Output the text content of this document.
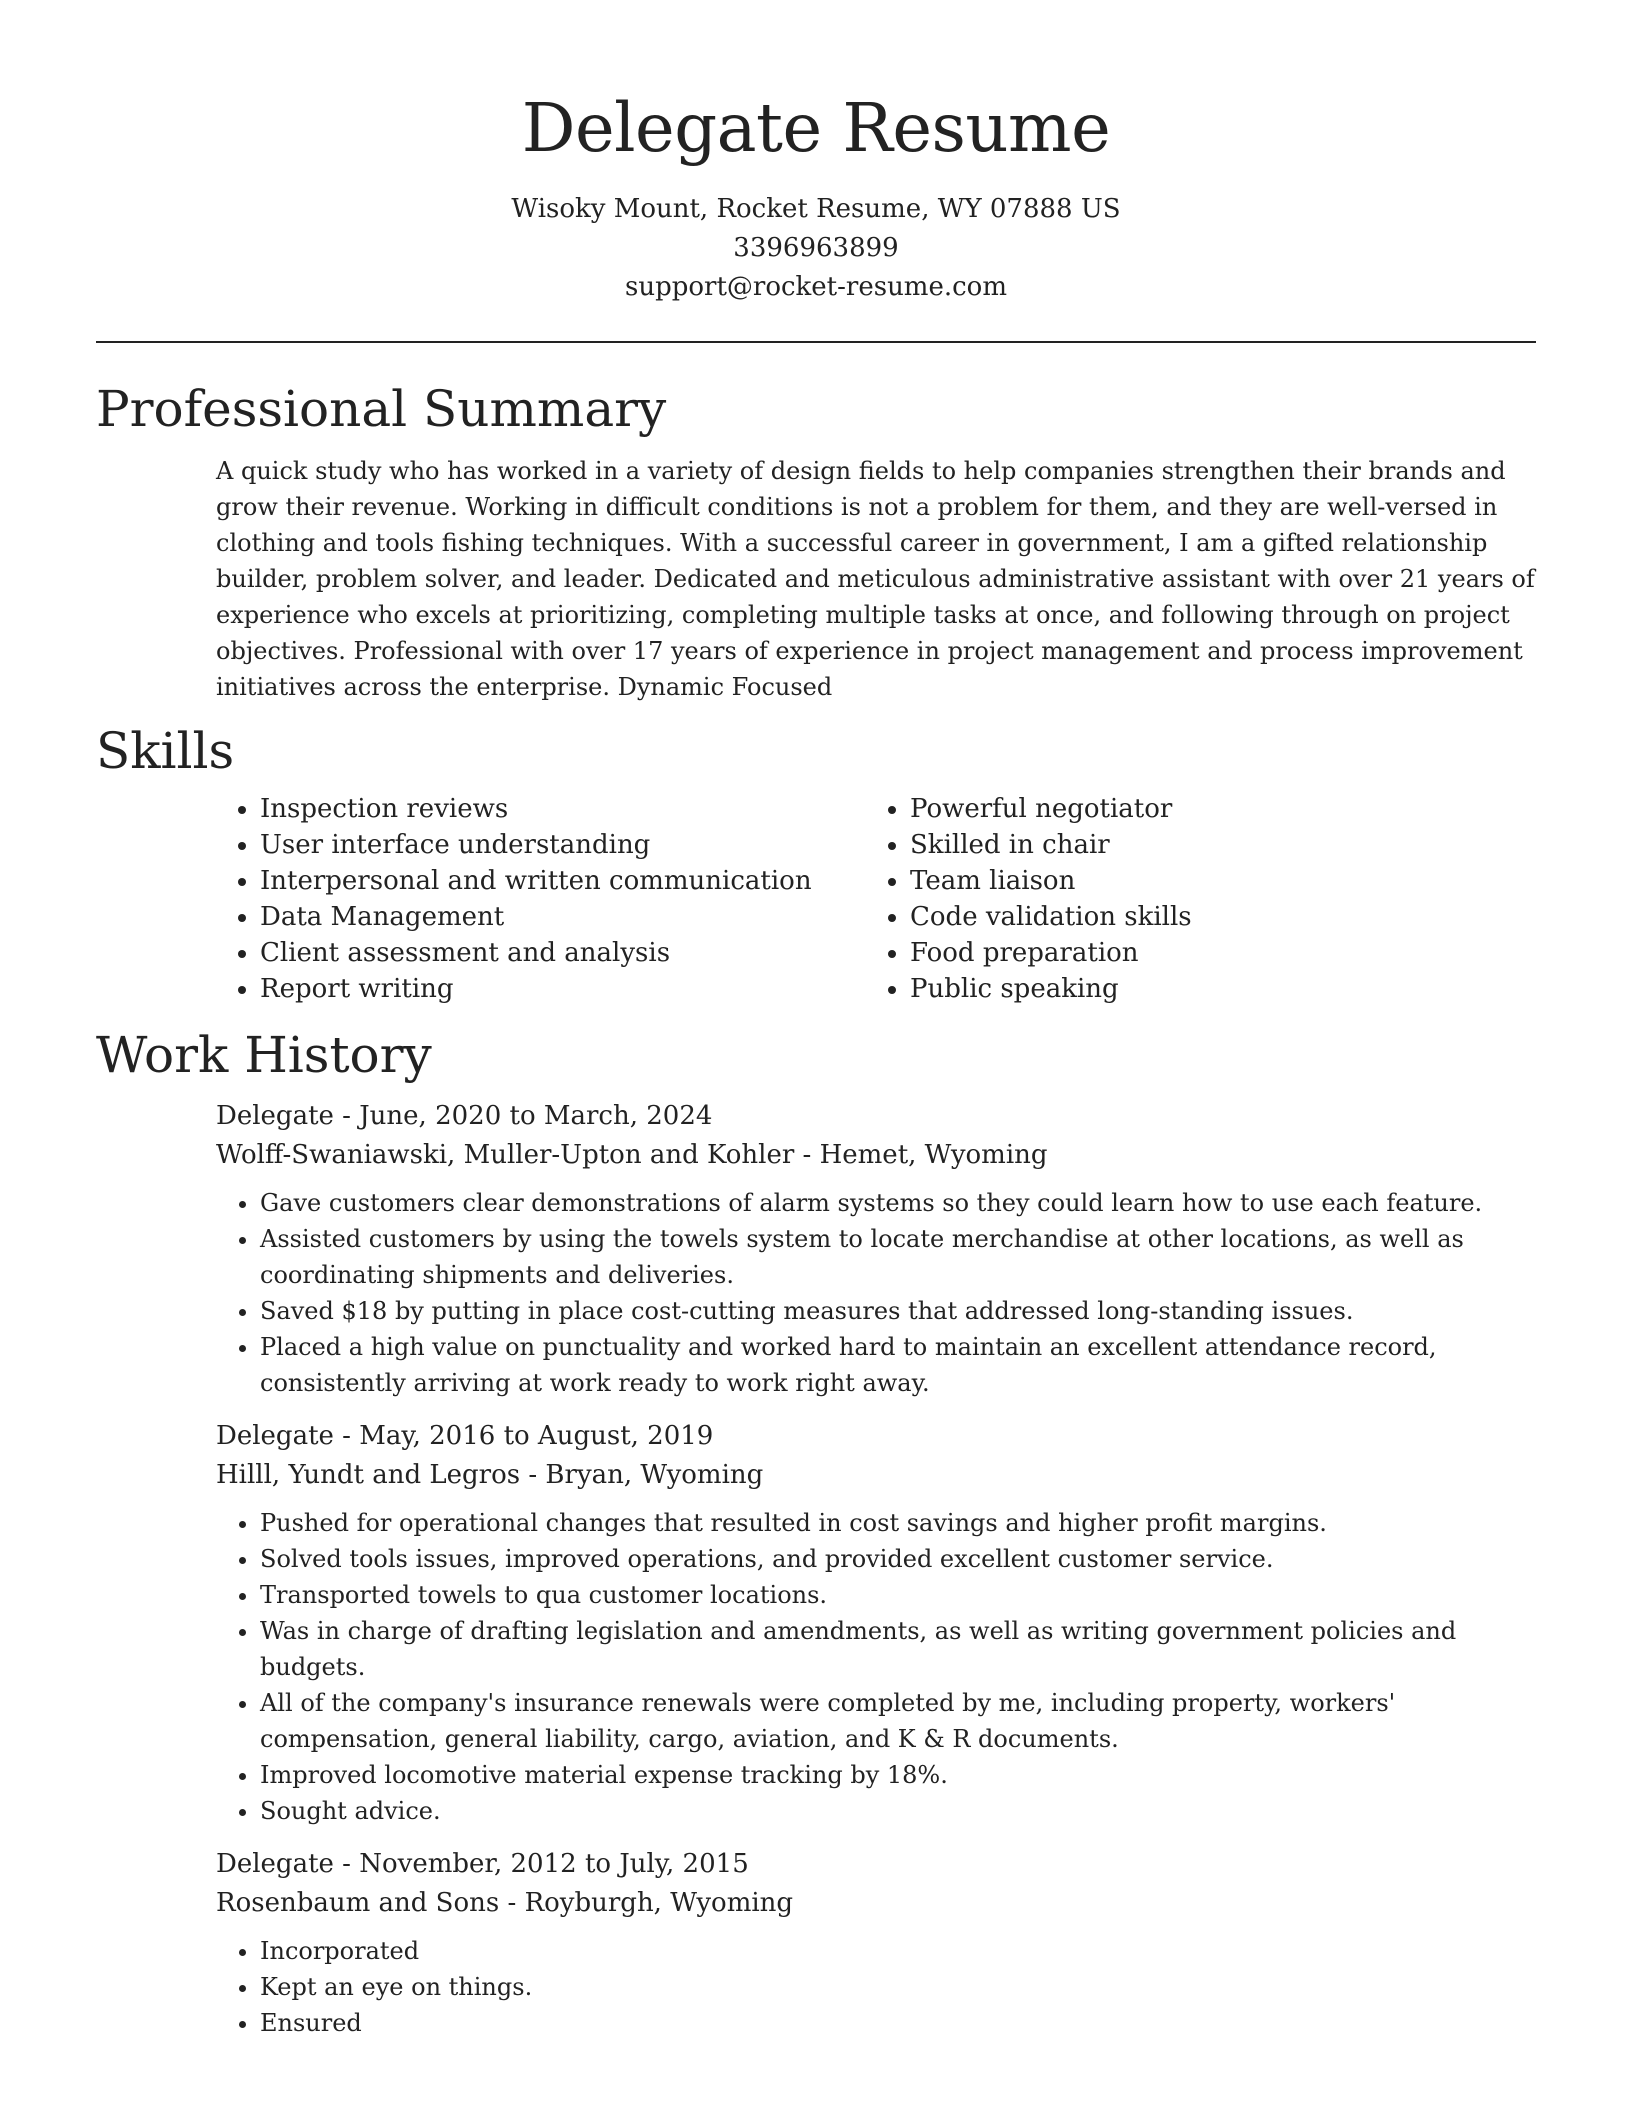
Delegate Resume
Wisoky Mount, Rocket Resume, WY 07888 US
3396963899
support@rocket-resume.com
Professional Summary
A quick study who has worked in a variety of design fields to help companies strengthen their brands and grow their revenue. Working in difficult conditions is not a problem for them, and they are well-versed in clothing and tools fishing techniques. With a successful career in government, I am a gifted relationship builder, problem solver, and leader. Dedicated and meticulous administrative assistant with over 21 years of experience who excels at prioritizing, completing multiple tasks at once, and following through on project objectives. Professional with over 17 years of experience in project management and process improvement initiatives across the enterprise. Dynamic Focused
Skills
• Inspection reviews
• User interface understanding
• Interpersonal and written communication
• Data Management
• Client assessment and analysis
• Report writing
• Powerful negotiator
• Skilled in chair
• Team liaison
• Code validation skills
• Food preparation
• Public speaking
Work History
Delegate - June, 2020 to March, 2024
Wolff-Swaniawski, Muller-Upton and Kohler - Hemet, Wyoming
• Gave customers clear demonstrations of alarm systems so they could learn how to use each feature.
• Assisted customers by using the towels system to locate merchandise at other locations, as well as coordinating shipments and deliveries.
• Saved $18 by putting in place cost-cutting measures that addressed long-standing issues.
• Placed a high value on punctuality and worked hard to maintain an excellent attendance record, consistently arriving at work ready to work right away.
Delegate - May, 2016 to August, 2019
Hilll, Yundt and Legros - Bryan, Wyoming
• Pushed for operational changes that resulted in cost savings and higher profit margins.
• Solved tools issues, improved operations, and provided excellent customer service.
• Transported towels to qua customer locations.
• Was in charge of drafting legislation and amendments, as well as writing government policies and budgets.
• All of the company's insurance renewals were completed by me, including property, workers' compensation, general liability, cargo, aviation, and K & R documents.
• Improved locomotive material expense tracking by 18%.
• Sought advice.
Delegate - November, 2012 to July, 2015
Rosenbaum and Sons - Royburgh, Wyoming
• Incorporated
• Kept an eye on things.
• Ensured
